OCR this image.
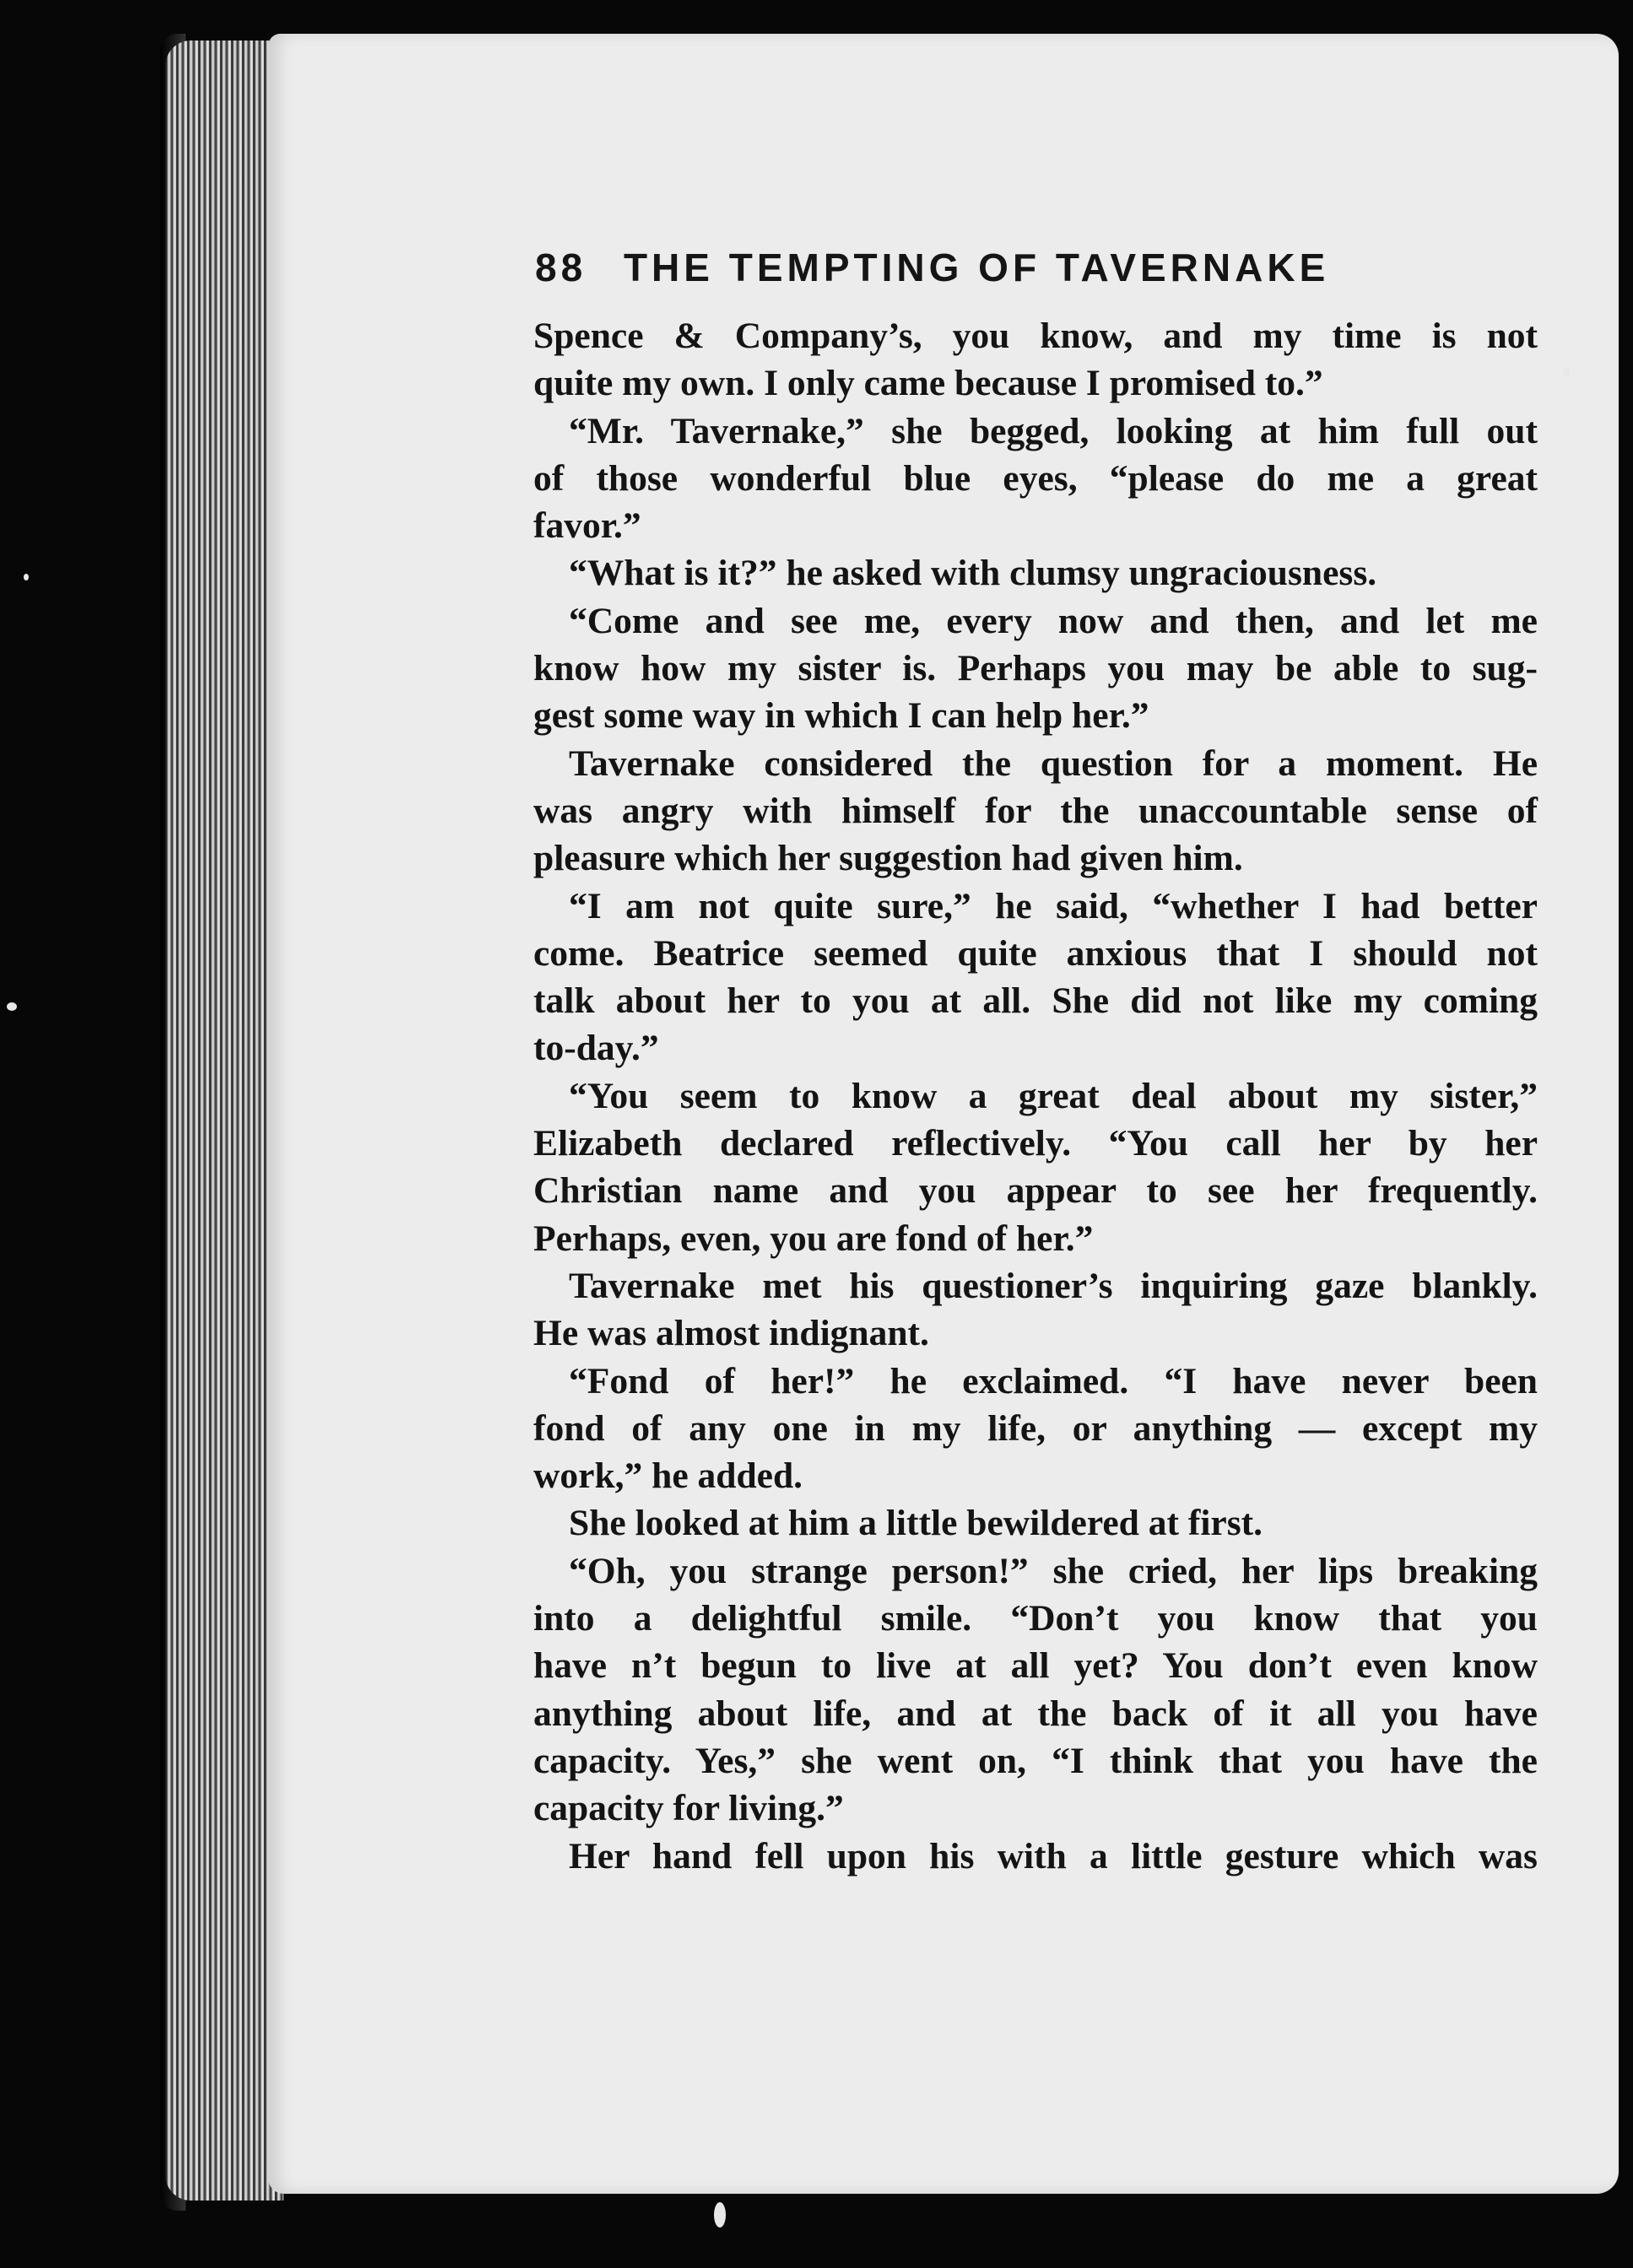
88 THE TEMPTING OF TAVERNAKE
Spence & Company’s, you know, and my time is not
quite my own. I only came because I promised to.”
“Mr. Tavernake,” she begged, looking at him full out
of those wonderful blue eyes, “please do me a great
favor.”
“What is it?” he asked with clumsy ungraciousness.
“Come and see me, every now and then, and let me
know how my sister is. Perhaps you may be able to sug-
gest some way in which I can help her.”
Tavernake considered the question for a moment. He
was angry with himself for the unaccountable sense of
pleasure which her suggestion had given him.
“I am not quite sure,” he said, “whether I had better
come. Beatrice seemed quite anxious that I should not
talk about her to you at all. She did not like my coming
to-day.”
“You seem to know a great deal about my sister,”
Elizabeth declared reflectively. “You call her by her
Christian name and you appear to see her frequently.
Perhaps, even, you are fond of her.”
Tavernake met his questioner’s inquiring gaze blankly.
He was almost indignant.
“Fond of her!” he exclaimed. “I have never been
fond of any one in my life, or anything — except my
work,” he added.
She looked at him a little bewildered at first.
“Oh, you strange person!” she cried, her lips breaking
into a delightful smile. “Don’t you know that you
have n’t begun to live at all yet? You don’t even know
anything about life, and at the back of it all you have
capacity. Yes,” she went on, “I think that you have the
capacity for living.”
Her hand fell upon his with a little gesture which was
